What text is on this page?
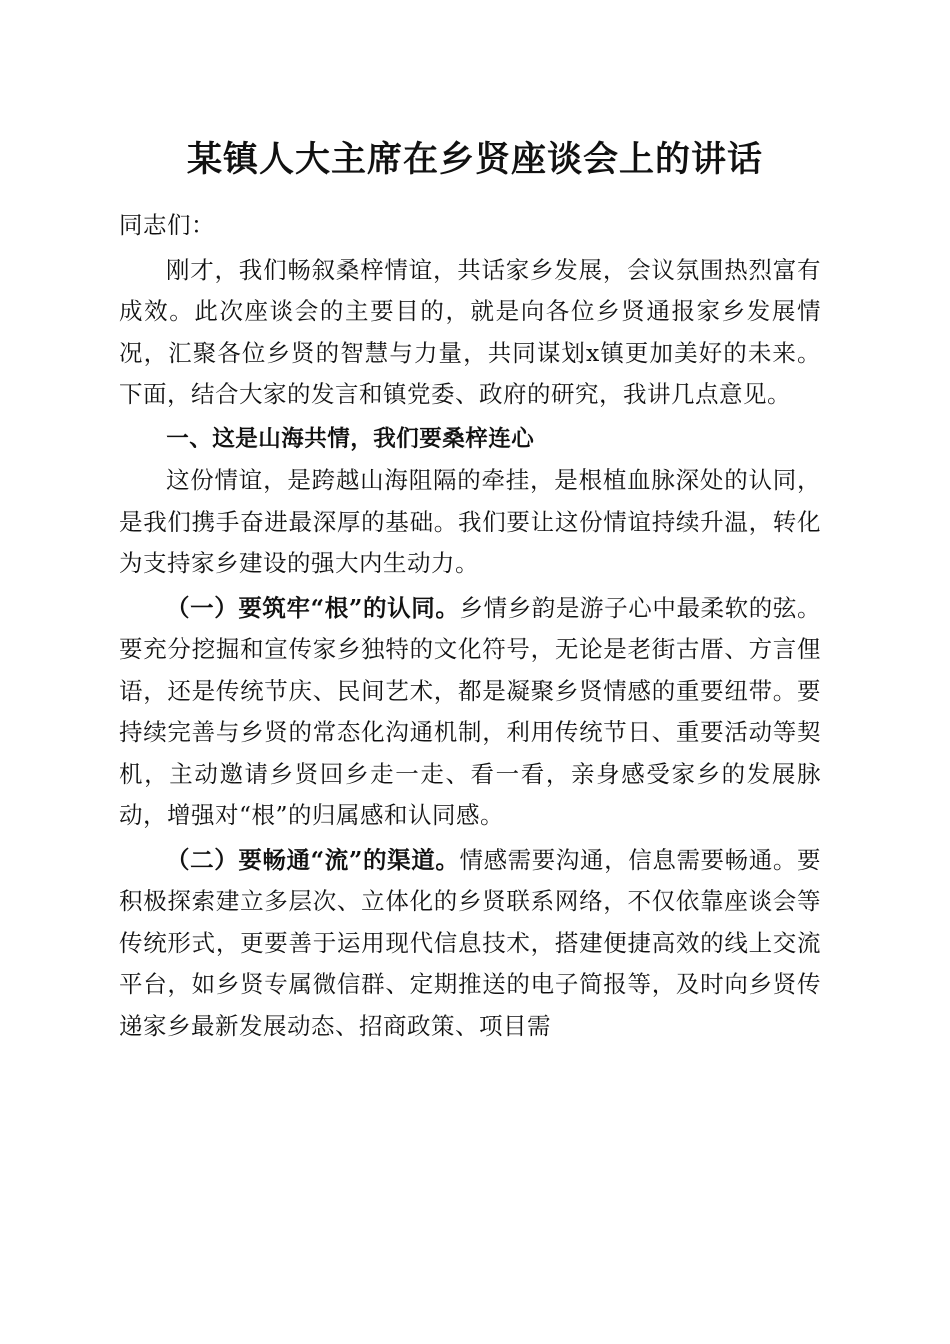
某镇人大主席在乡贤座谈会上的讲话

同志们：

刚才，我们畅叙桑梓情谊，共话家乡发展，会议氛围热烈富有成效。此次座谈会的主要目的，就是向各位乡贤通报家乡发展情况，汇聚各位乡贤的智慧与力量，共同谋划x镇更加美好的未来。下面，结合大家的发言和镇党委、政府的研究，我讲几点意见。

一、这是山海共情，我们要桑梓连心

这份情谊，是跨越山海阻隔的牵挂，是根植血脉深处的认同，是我们携手奋进最深厚的基础。我们要让这份情谊持续升温，转化为支持家乡建设的强大内生动力。

（一）要筑牢“根”的认同。乡情乡韵是游子心中最柔软的弦。要充分挖掘和宣传家乡独特的文化符号，无论是老街古厝、方言俚语，还是传统节庆、民间艺术，都是凝聚乡贤情感的重要纽带。要持续完善与乡贤的常态化沟通机制，利用传统节日、重要活动等契机，主动邀请乡贤回乡走一走、看一看，亲身感受家乡的发展脉动，增强对“根”的归属感和认同感。

（二）要畅通“流”的渠道。情感需要沟通，信息需要畅通。要积极探索建立多层次、立体化的乡贤联系网络，不仅依靠座谈会等传统形式，更要善于运用现代信息技术，搭建便捷高效的线上交流平台，如乡贤专属微信群、定期推送的电子简报等，及时向乡贤传递家乡最新发展动态、招商政策、项目需
